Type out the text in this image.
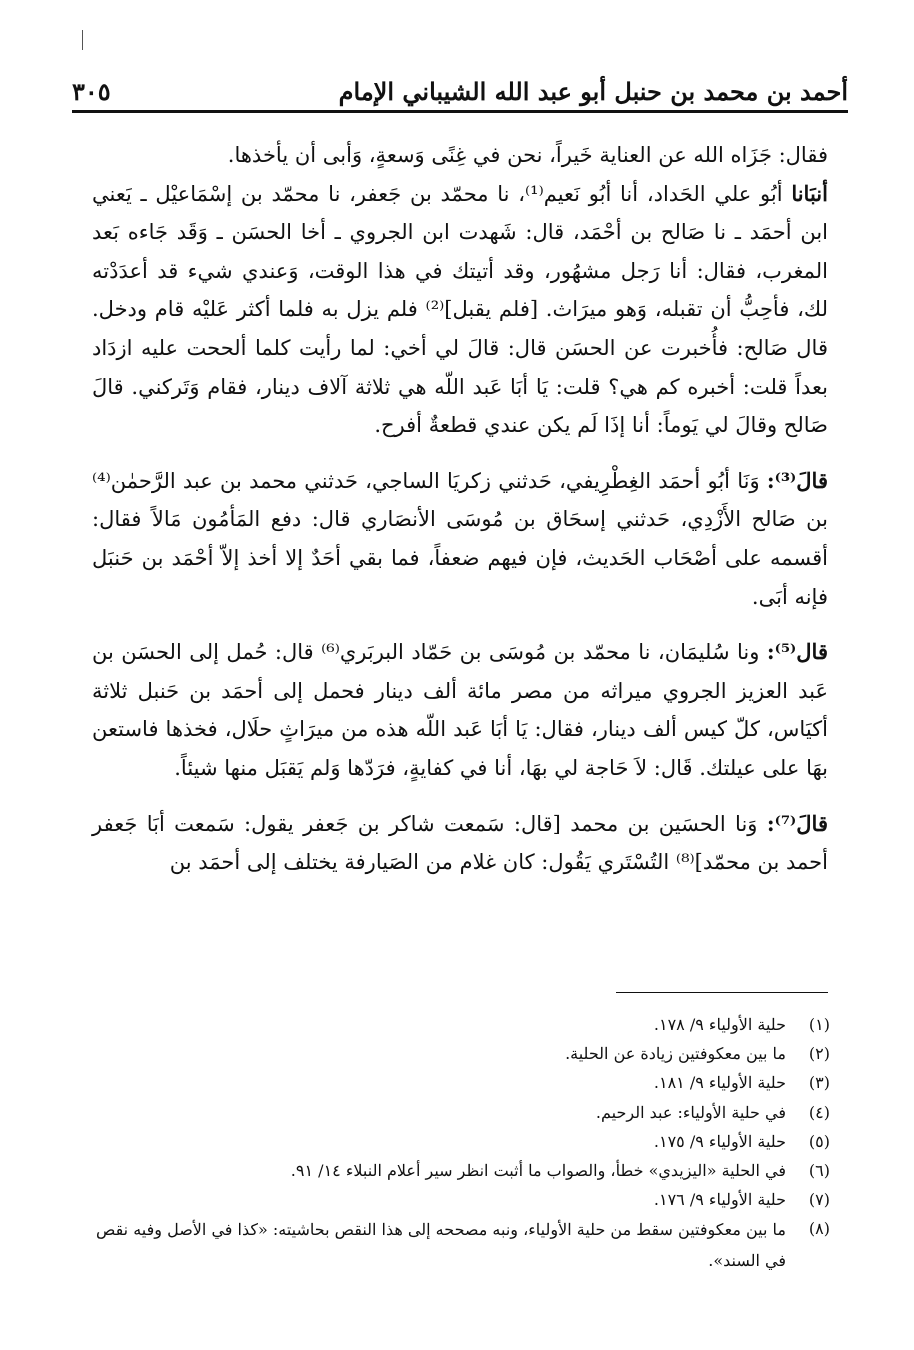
أحمد بن محمد بن حنبل أبو عبد الله الشيباني الإمام
٣٠٥

فقال: جَزَاه الله عن العناية خَيراً، نحن في غِنًى وَسعةٍ، وَأبى أن يأخذها.

أنبَانا أبُو علي الحَداد، أنا أبُو نَعيم⁽¹⁾، نا محمّد بن جَعفر، نا محمّد بن إسْمَاعيْل ـ يَعني ابن أحمَد ـ نا صَالح بن أحْمَد، قال: شَهدت ابن الجروي ـ أخا الحسَن ـ وَقَد جَاءه بَعد المغرب، فقال: أنا رَجل مشهُور، وقد أتيتك في هذا الوقت، وَعندي شيء قد أعدَدْته لك، فأحِبُّ أن تقبله، وَهو ميرَاث. [فلم يقبل]⁽²⁾ فلم يزل به فلما أكثر عَليْه قام ودخل. قال صَالح: فأُخبرت عن الحسَن قال: قالَ لي أخي: لما رأيت كلما ألححت عليه ازدَاد بعداً قلت: أخبره كم هي؟ قلت: يَا أبَا عَبد اللّه هي ثلاثة آلاف دينار، فقام وَتَركني. قالَ صَالح وقالَ لي يَوماً: أنا إذَا لَم يكن عندي قطعةٌ أفرح.

قالَ⁽³⁾: وَنَا أبُو أحمَد الغِطْرِيفي، حَدثني زكريَا الساجي، حَدثني محمد بن عبد الرَّحمٰن⁽⁴⁾ بن صَالح الأَزْدِي، حَدثني إسحَاق بن مُوسَى الأنصَاري قال: دفع المَأمُون مَالاً فقال: أقسمه على أصْحَاب الحَديث، فإن فيهم ضعفاً، فما بقي أحَدٌ إلا أخذ إلاّ أحْمَد بن حَنبَل فإنه أبَى.

قال⁽⁵⁾: ونا سُليمَان، نا محمّد بن مُوسَى بن حَمّاد البربَري⁽⁶⁾ قال: حُمل إلى الحسَن بن عَبد العزيز الجروي ميراثه من مصر مائة ألف دينار فحمل إلى أحمَد بن حَنبل ثلاثة أكيَاس، كلّ كيس ألف دينار، فقال: يَا أبَا عَبد اللّه هذه من ميرَاثٍ حلَال، فخذها فاستعن بهَا على عيلتك. قَال: لاَ حَاجة لي بهَا، أنا في كفايةٍ، فرَدّها وَلم يَقبَل منها شيئاً.

قالَ⁽⁷⁾: وَنا الحسَين بن محمد [قال: سَمعت شاكر بن جَعفر يقول: سَمعت أبَا جَعفر أحمد بن محمّد]⁽⁸⁾ التُسْتَري يَقُول: كان غلام من الصَيارفة يختلف إلى أحمَد بن

(١)
حلية الأولياء ٩/ ١٧٨.
(٢)
ما بين معكوفتين زيادة عن الحلية.
(٣)
حلية الأولياء ٩/ ١٨١.
(٤)
في حلية الأولياء: عبد الرحيم.
(٥)
حلية الأولياء ٩/ ١٧٥.
(٦)
في الحلية «اليزيدي» خطأ، والصواب ما أثبت انظر سير أعلام النبلاء ١٤/ ٩١.
(٧)
حلية الأولياء ٩/ ١٧٦.
(٨)
ما بين معكوفتين سقط من حلية الأولياء، ونبه مصححه إلى هذا النقص بحاشيته: «كذا في الأصل وفيه نقص في السند».
